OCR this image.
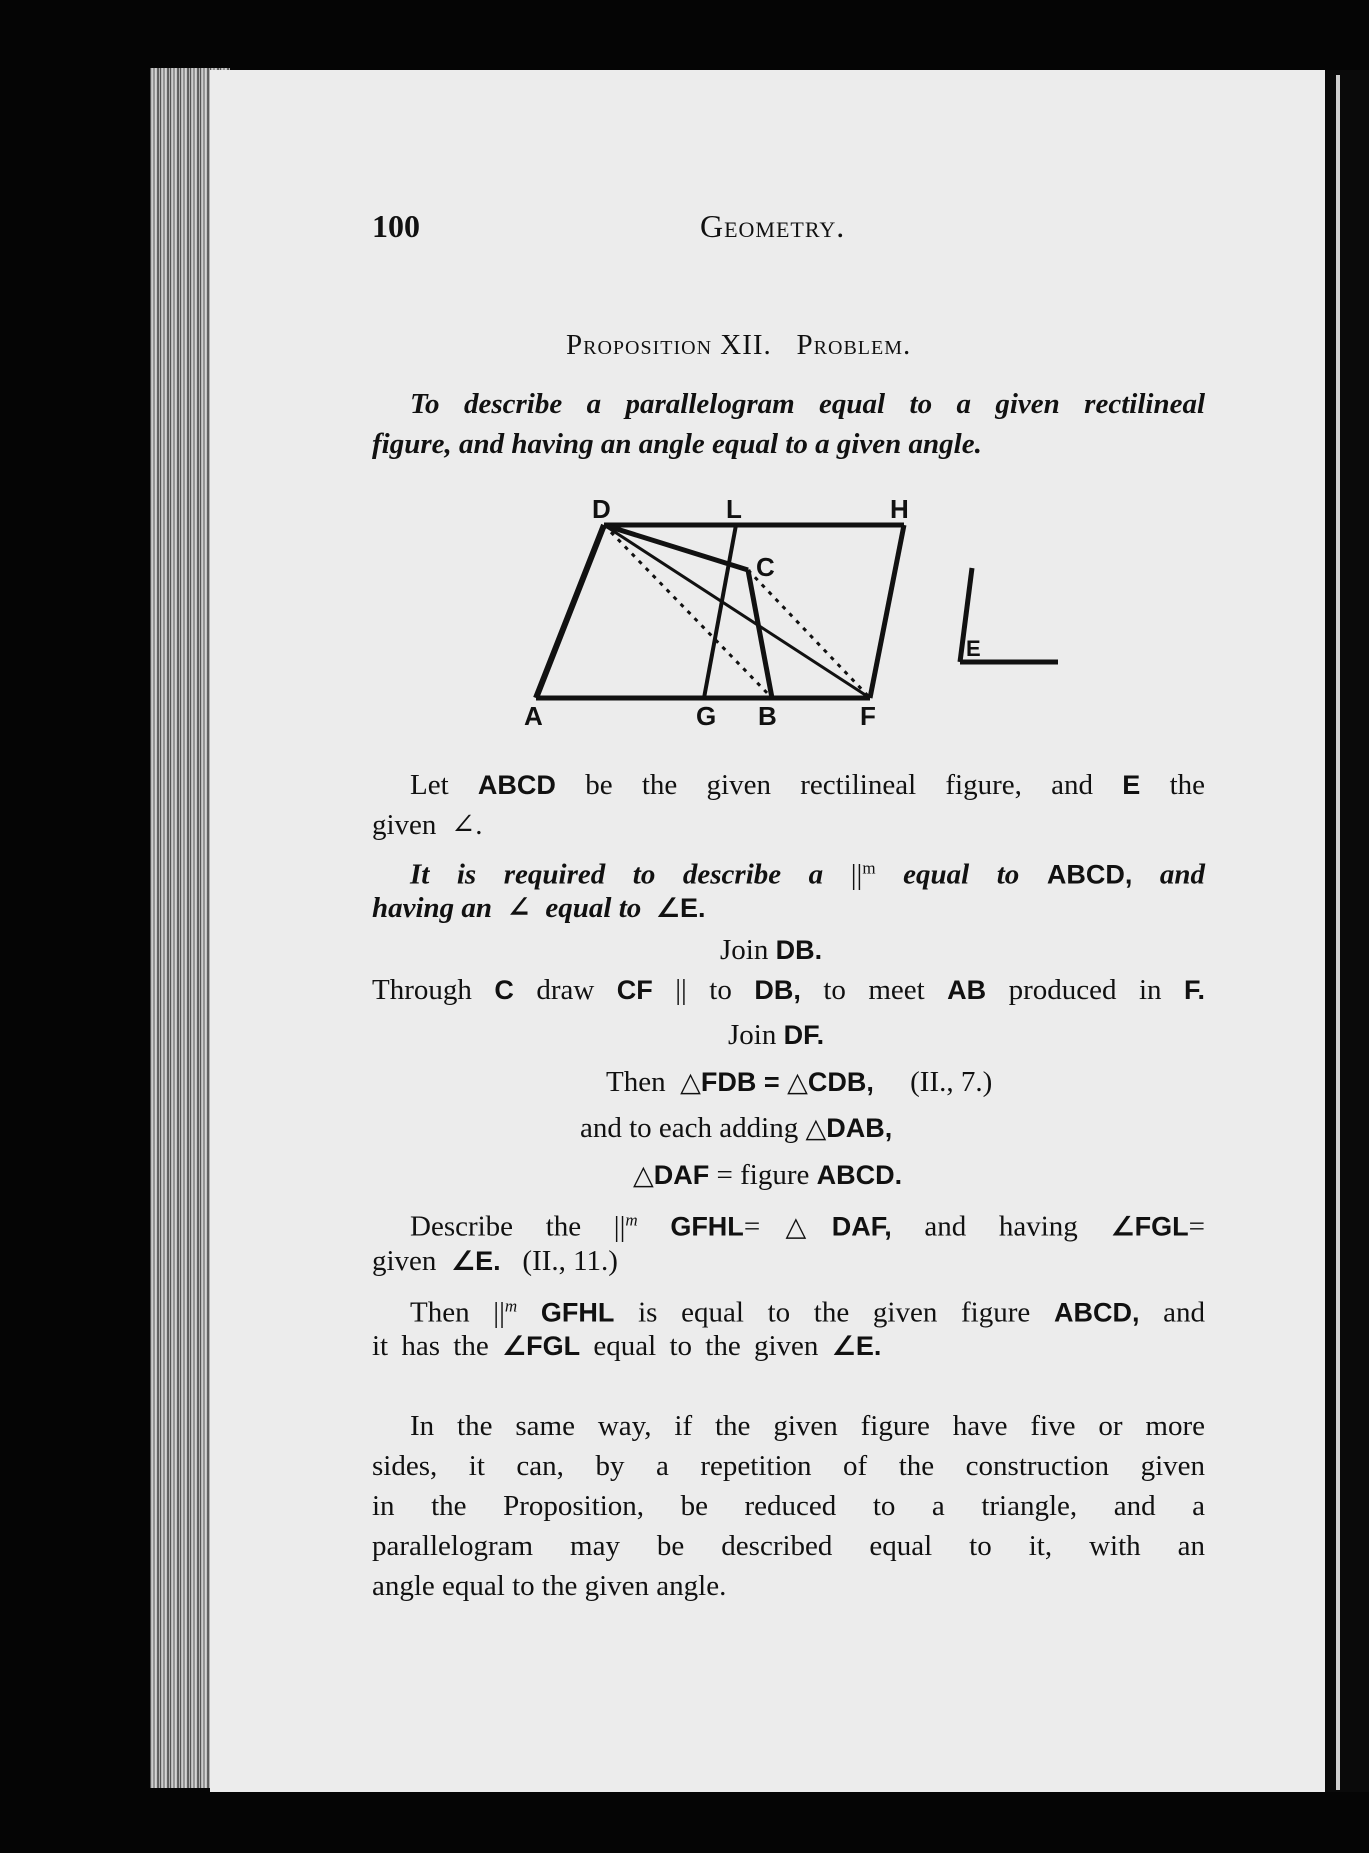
100	Geometry.
Proposition XII. Problem.
To describe a parallelogram equal to a given rectilineal
figure, and having an angle equal to a given angle.
D	L	H
C
A	G B	F
E
Let ABCD be the given rectilineal figure, and E the
given ∠.
It is required to describe a $||^m$ equal to ABCD, and
having an ∠ equal to ∠E.
Join DB.
Through C draw CF || to DB, to meet AB produced in F.
Join DF.
Then △FDB = △CDB, (II., 7.)
and to each adding △DAB,
△DAF = figure ABCD.
Describe the $||^m$ GFHL=△DAF, and having ∠FGL=
given ∠E. (II., 11.)
Then $||^m$ GFHL is equal to the given figure ABCD, and
it has the ∠FGL equal to the given ∠E.
In the same way, if the given figure have five or more
sides, it can, by a repetition of the construction given
in the Proposition, be reduced to a triangle, and a
parallelogram may be described equal to it, with an
angle equal to the given angle.
